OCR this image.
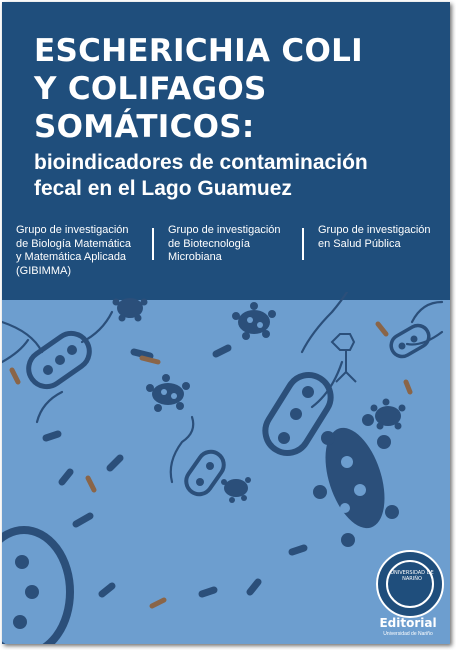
ESCHERICHIA COLI
Y COLIFAGOS
SOMÁTICOS:
bioindicadores de contaminación
fecal en el Lago Guamuez
Grupo de investigación
de Biología Matemática
y Matemática Aplicada
(GIBIMMA)
Grupo de investigación
de Biotecnología
Microbiana
Grupo de investigación
en Salud Pública
UNIVERSIDAD DE NARIÑO
Editorial
Universidad de Nariño
